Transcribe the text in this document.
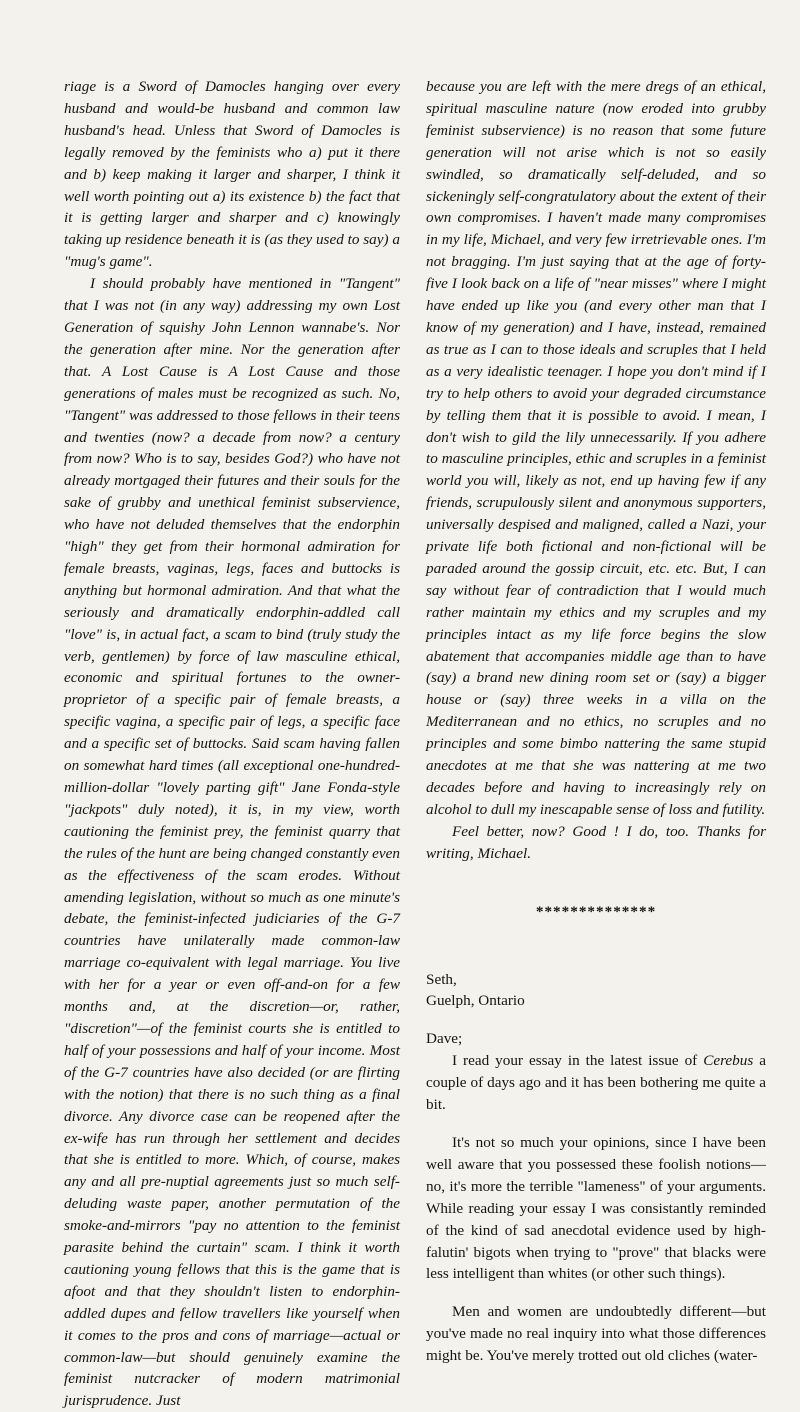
riage is a Sword of Damocles hanging over every husband and would-be husband and common law husband's head. Unless that Sword of Damocles is legally removed by the feminists who a) put it there and b) keep making it larger and sharper, I think it well worth pointing out a) its existence b) the fact that it is getting larger and sharper and c) knowingly taking up residence beneath it is (as they used to say) a "mug's game".

I should probably have mentioned in "Tangent" that I was not (in any way) addressing my own Lost Generation of squishy John Lennon wannabe's. Nor the generation after mine. Nor the generation after that. A Lost Cause is A Lost Cause and those generations of males must be recognized as such. No, "Tangent" was addressed to those fellows in their teens and twenties (now? a decade from now? a century from now? Who is to say, besides God?) who have not already mortgaged their futures and their souls for the sake of grubby and unethical feminist subservience, who have not deluded themselves that the endorphin "high" they get from their hormonal admiration for female breasts, vaginas, legs, faces and buttocks is anything but hormonal admiration. And that what the seriously and dramatically endorphin-addled call "love" is, in actual fact, a scam to bind (truly study the verb, gentlemen) by force of law masculine ethical, economic and spiritual fortunes to the owner-proprietor of a specific pair of female breasts, a specific vagina, a specific pair of legs, a specific face and a specific set of buttocks. Said scam having fallen on somewhat hard times (all exceptional one-hundred-million-dollar "lovely parting gift" Jane Fonda-style "jackpots" duly noted), it is, in my view, worth cautioning the feminist prey, the feminist quarry that the rules of the hunt are being changed constantly even as the effectiveness of the scam erodes. Without amending legislation, without so much as one minute's debate, the feminist-infected judiciaries of the G-7 countries have unilaterally made common-law marriage co-equivalent with legal marriage. You live with her for a year or even off-and-on for a few months and, at the discretion—or, rather, "discretion"—of the feminist courts she is entitled to half of your possessions and half of your income. Most of the G-7 countries have also decided (or are flirting with the notion) that there is no such thing as a final divorce. Any divorce case can be reopened after the ex-wife has run through her settlement and decides that she is entitled to more. Which, of course, makes any and all pre-nuptial agreements just so much self-deluding waste paper, another permutation of the smoke-and-mirrors "pay no attention to the feminist parasite behind the curtain" scam. I think it worth cautioning young fellows that this is the game that is afoot and that they shouldn't listen to endorphin-addled dupes and fellow travellers like yourself when it comes to the pros and cons of marriage—actual or common-law—but should genuinely examine the feminist nutcracker of modern matrimonial jurisprudence. Just

because you are left with the mere dregs of an ethical, spiritual masculine nature (now eroded into grubby feminist subservience) is no reason that some future generation will not arise which is not so easily swindled, so dramatically self-deluded, and so sickeningly self-congratulatory about the extent of their own compromises. I haven't made many compromises in my life, Michael, and very few irretrievable ones. I'm not bragging. I'm just saying that at the age of forty-five I look back on a life of "near misses" where I might have ended up like you (and every other man that I know of my generation) and I have, instead, remained as true as I can to those ideals and scruples that I held as a very idealistic teenager. I hope you don't mind if I try to help others to avoid your degraded circumstance by telling them that it is possible to avoid. I mean, I don't wish to gild the lily unnecessarily. If you adhere to masculine principles, ethic and scruples in a feminist world you will, likely as not, end up having few if any friends, scrupulously silent and anonymous supporters, universally despised and maligned, called a Nazi, your private life both fictional and non-fictional will be paraded around the gossip circuit, etc. etc. But, I can say without fear of contradiction that I would much rather maintain my ethics and my scruples and my principles intact as my life force begins the slow abatement that accompanies middle age than to have (say) a brand new dining room set or (say) a bigger house or (say) three weeks in a villa on the Mediterranean and no ethics, no scruples and no principles and some bimbo nattering the same stupid anecdotes at me that she was nattering at me two decades before and having to increasingly rely on alcohol to dull my inescapable sense of loss and futility.

Feel better, now? Good ! I do, too. Thanks for writing, Michael.

**************

Seth,

Guelph, Ontario

Dave;

I read your essay in the latest issue of Cerebus a couple of days ago and it has been bothering me quite a bit.

It's not so much your opinions, since I have been well aware that you possessed these foolish notions—no, it's more the terrible "lameness" of your arguments. While reading your essay I was consistantly reminded of the kind of sad anecdotal evidence used by high-falutin' bigots when trying to "prove" that blacks were less intelligent than whites (or other such things).

Men and women are undoubtedly different—but you've made no real inquiry into what those differences might be. You've merely trotted out old cliches (water-
